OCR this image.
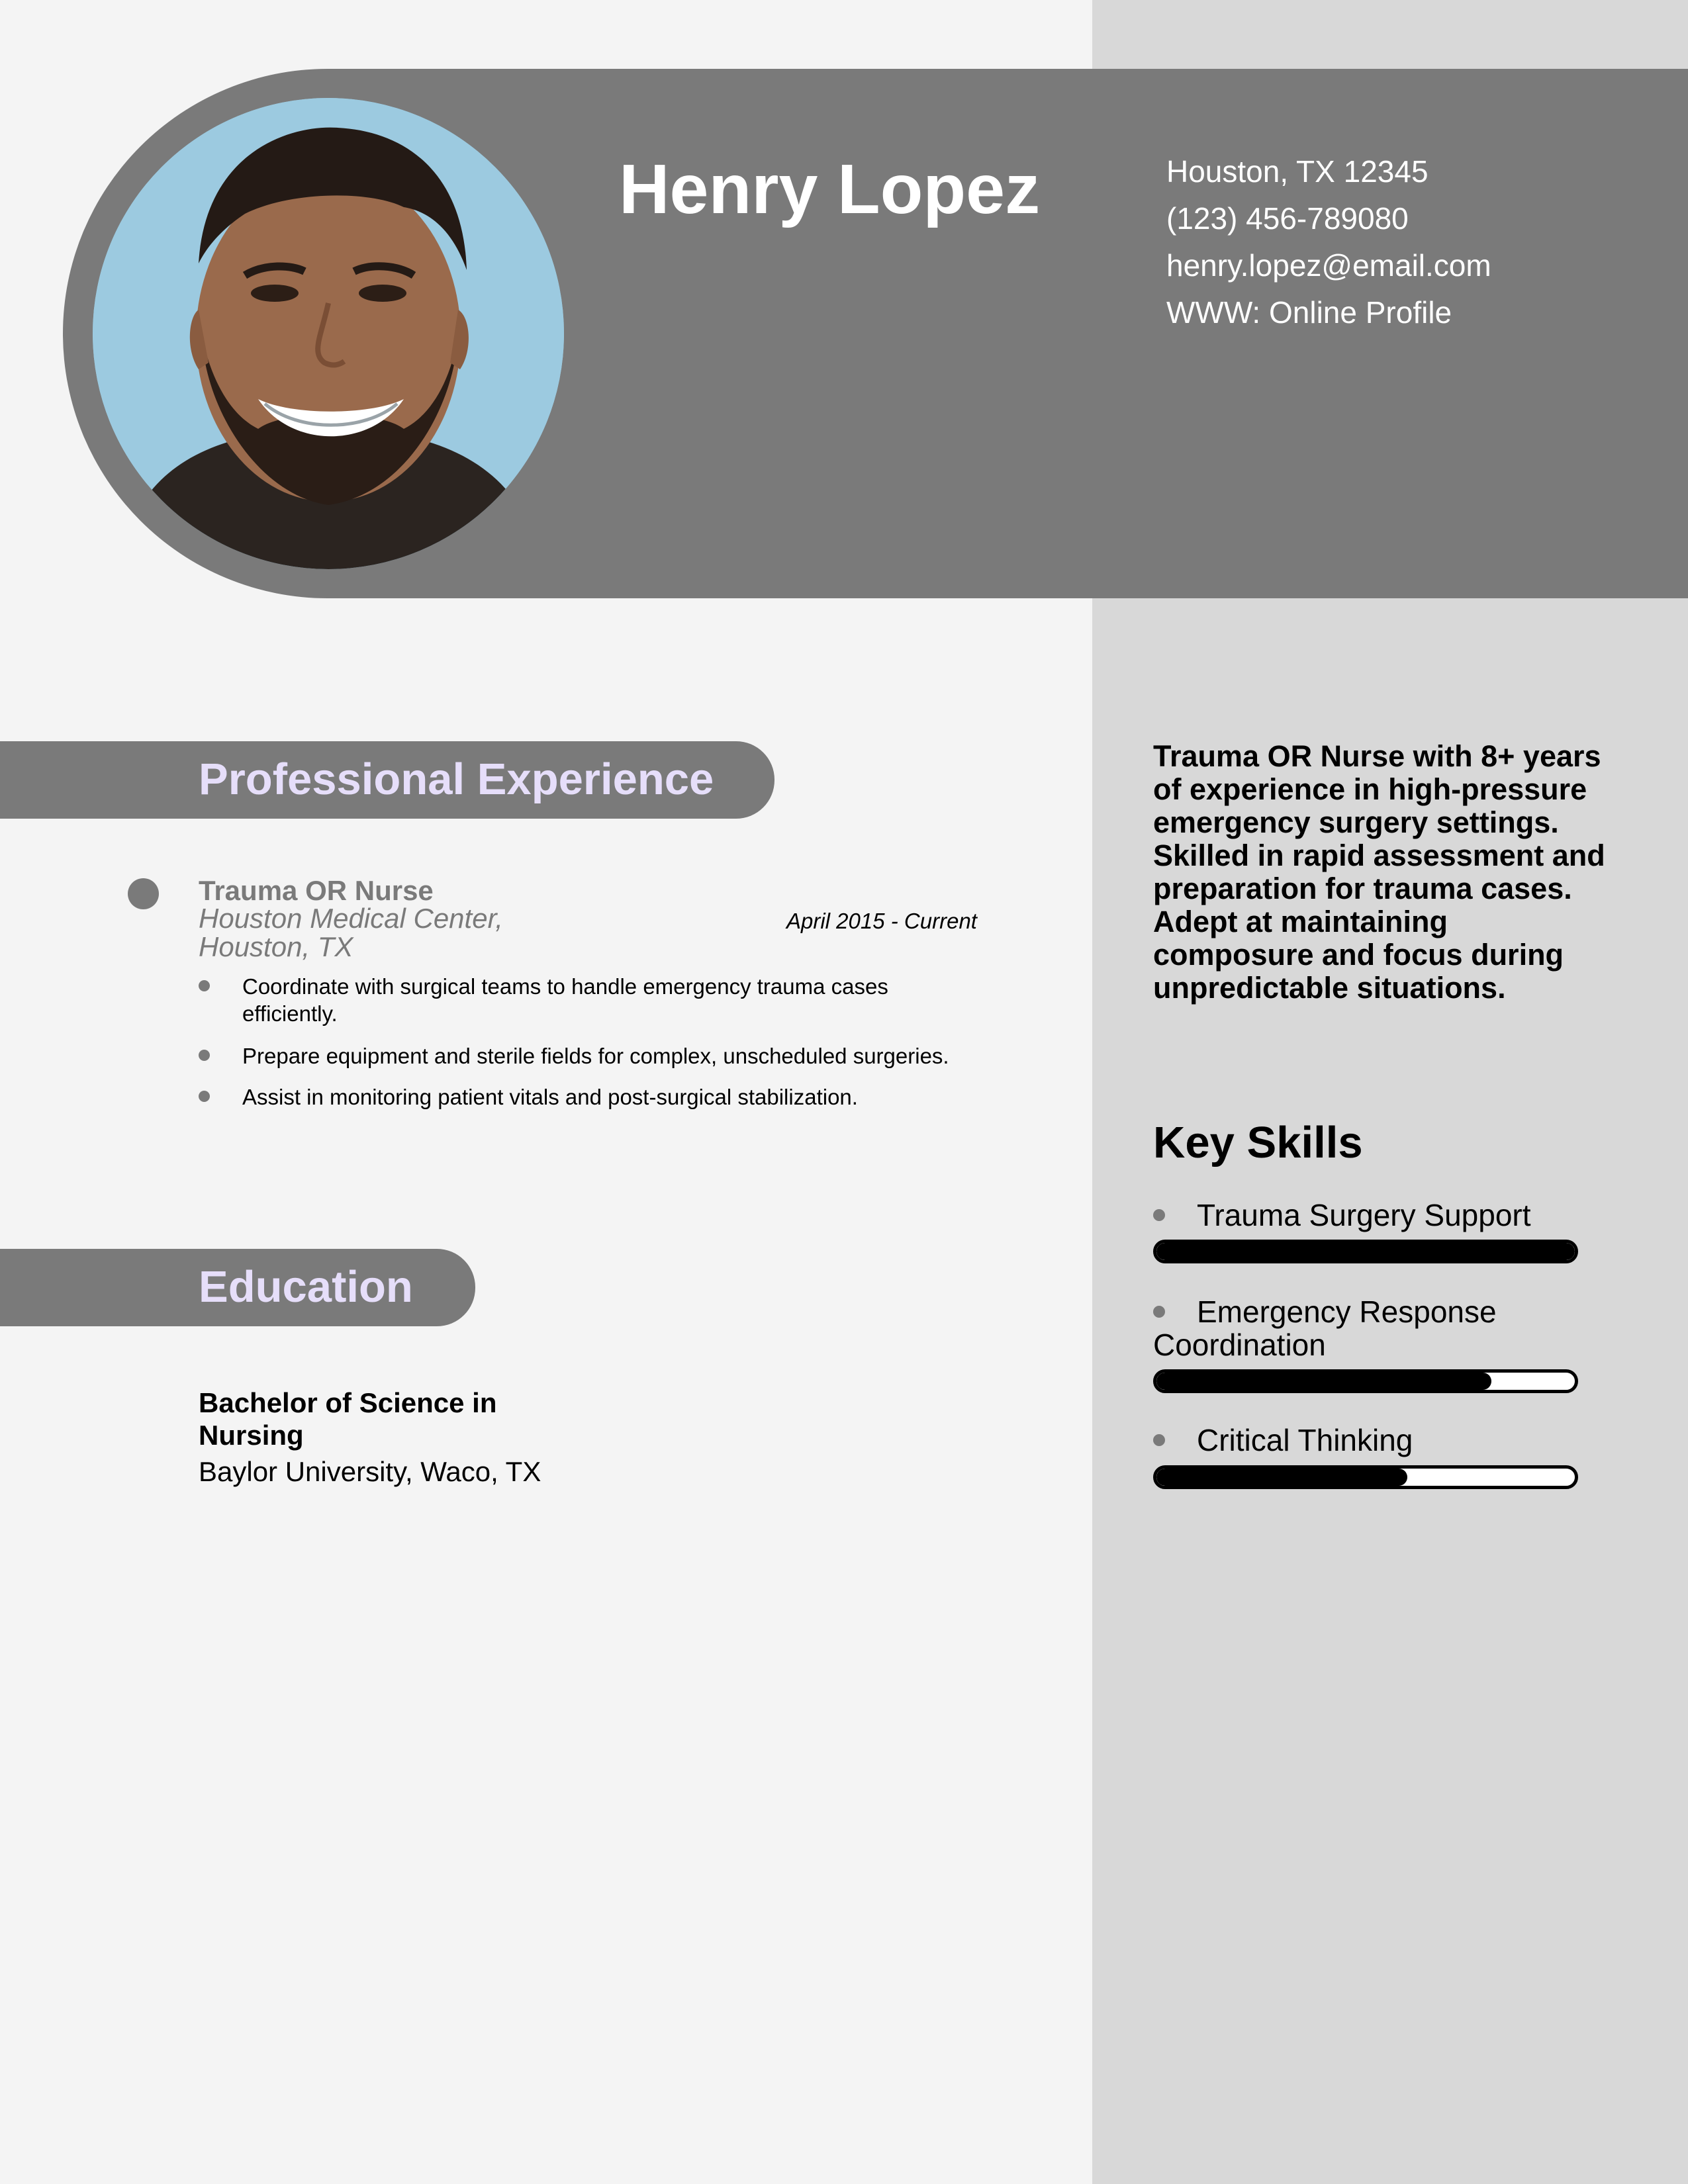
Henry Lopez	Houston, TX 12345
(123) 456-789080
henry.lopez@email.com
WWW: Online Profile
Professional Experience
Trauma OR Nurse
Houston Medical Center,
Houston, TX
April 2015 - Current
Coordinate with surgical teams to handle emergency trauma cases efficiently.
Prepare equipment and sterile fields for complex, unscheduled surgeries.
Assist in monitoring patient vitals and post-surgical stabilization.
Education
Bachelor of Science in Nursing
Baylor University, Waco, TX
Trauma OR Nurse with 8+ years of experience in high-pressure emergency surgery settings. Skilled in rapid assessment and preparation for trauma cases. Adept at maintaining composure and focus during unpredictable situations.
Key Skills
Trauma Surgery Support
Emergency Response Coordination
Critical Thinking
